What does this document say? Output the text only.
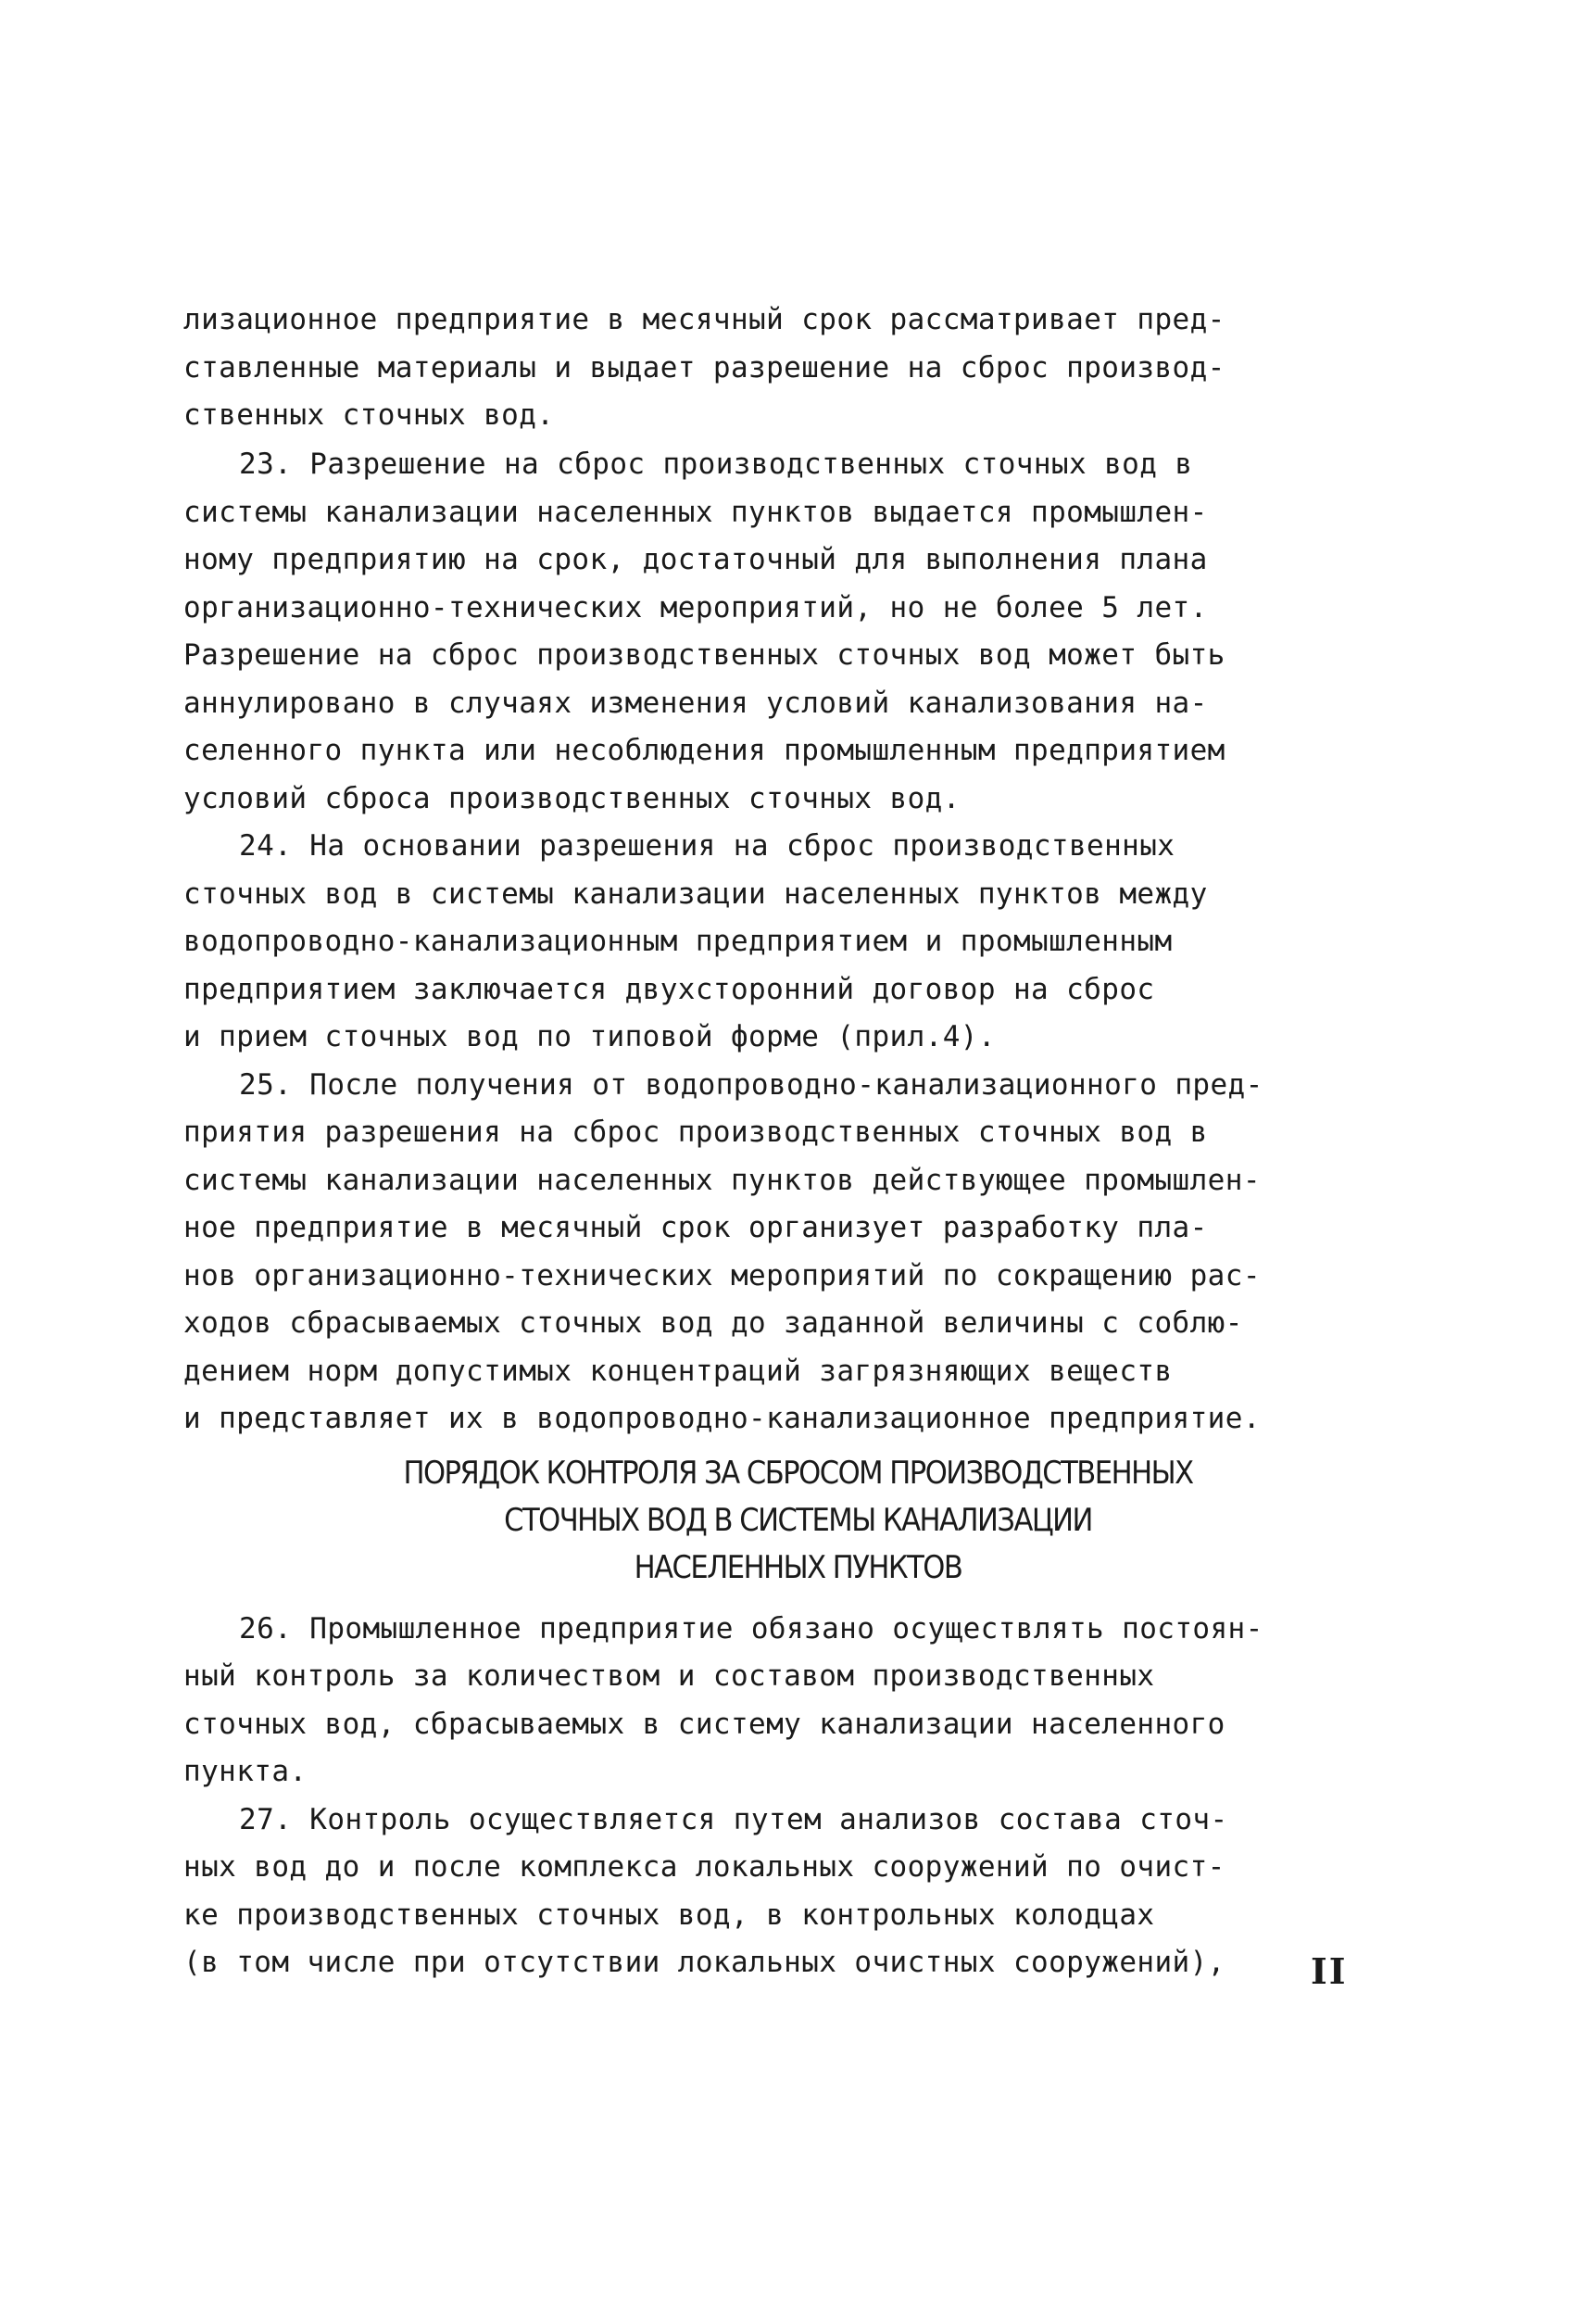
лизационное предприятие в месячный срок рассматривает пред-
ставленные материалы и выдает разрешение на сброс производ-
ственных сточных вод.
23. Разрешение на сброс производственных сточных вод в
системы канализации населенных пунктов выдается промышлен-
ному предприятию на срок, достаточный для выполнения плана
организационно-технических мероприятий, но не более 5 лет.
Разрешение на сброс производственных сточных вод может быть
аннулировано в случаях изменения условий канализования на-
селенного пункта или несоблюдения промышленным предприятием
условий сброса производственных сточных вод.
24. На основании разрешения на сброс производственных
сточных вод в системы канализации населенных пунктов между
водопроводно-канализационным предприятием и промышленным
предприятием заключается двухсторонний договор на сброс
и прием сточных вод по типовой форме (прил.4).
25. После получения от водопроводно-канализационного пред-
приятия разрешения на сброс производственных сточных вод в
системы канализации населенных пунктов действующее промышлен-
ное предприятие в месячный срок организует разработку пла-
нов организационно-технических мероприятий по сокращению рас-
ходов сбрасываемых сточных вод до заданной величины с соблю-
дением норм допустимых концентраций загрязняющих веществ
и представляет их в водопроводно-канализационное предприятие.
ПОРЯДОК КОНТРОЛЯ ЗА СБРОСОМ ПРОИЗВОДСТВЕННЫХ
СТОЧНЫХ ВОД В СИСТЕМЫ КАНАЛИЗАЦИИ
НАСЕЛЕННЫХ ПУНКТОВ
26. Промышленное предприятие обязано осуществлять постоян-
ный контроль за количеством и составом производственных
сточных вод, сбрасываемых в систему канализации населенного
пункта.
27. Контроль осуществляется путем анализов состава сточ-
ных вод до и после комплекса локальных сооружений по очист-
ке производственных сточных вод, в контрольных колодцах
(в том числе при отсутствии локальных очистных сооружений), II
